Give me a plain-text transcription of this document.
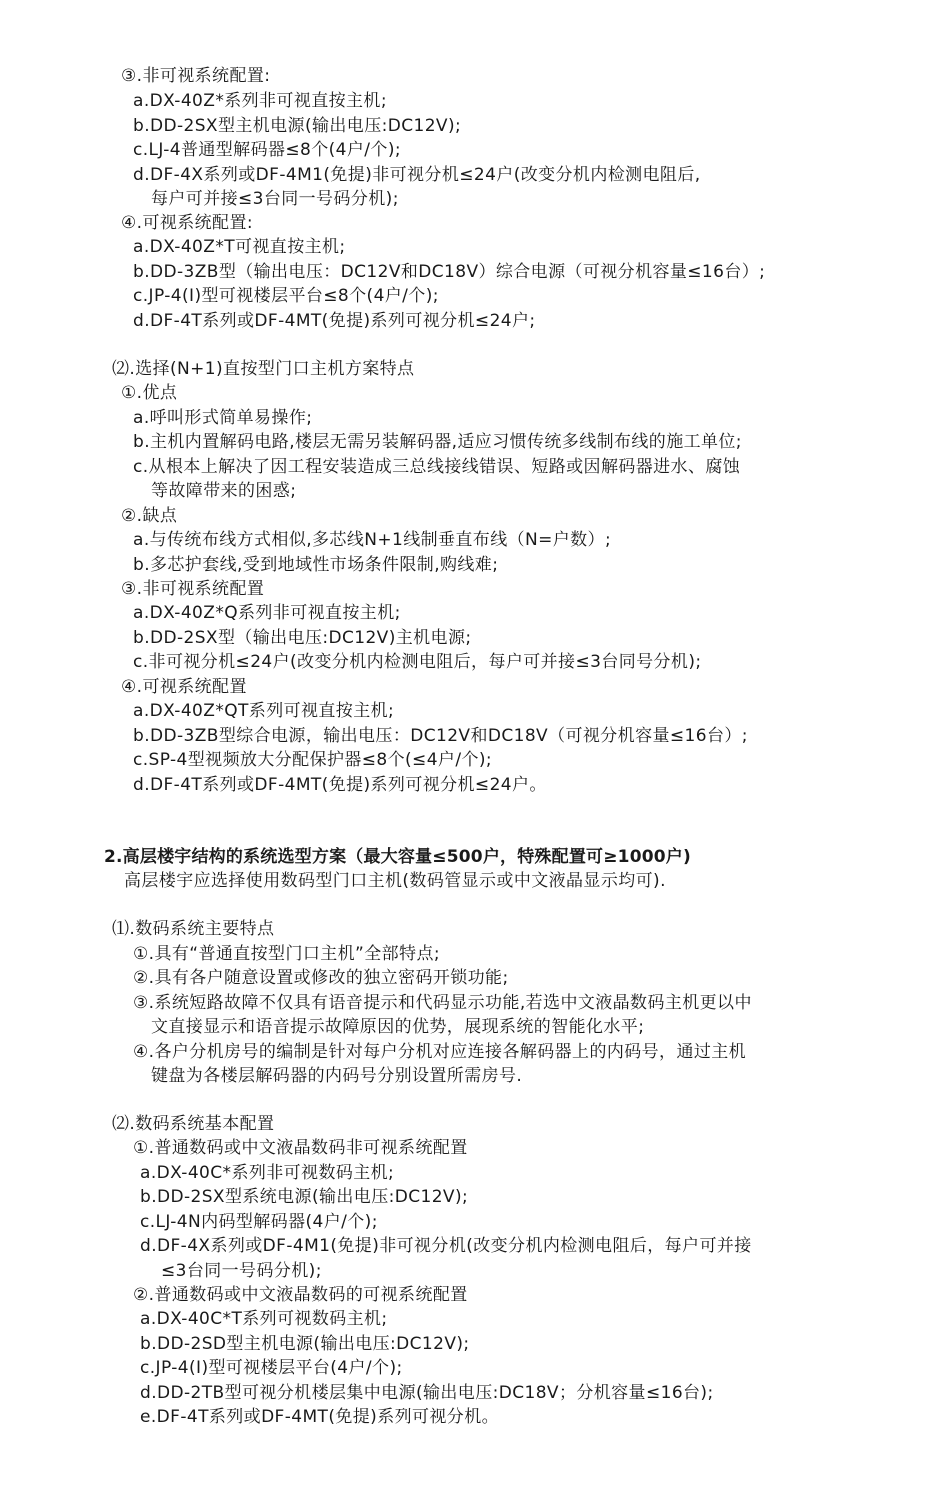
③.非可视系统配置:
a.DX-40Z*系列非可视直按主机;
b.DD-2SX型主机电源(输出电压:DC12V);
c.LJ-4普通型解码器≤8个(4户/个);
d.DF-4X系列或DF-4M1(免提)非可视分机≤24户(改变分机内检测电阻后,
每户可并接≤3台同一号码分机);
④.可视系统配置:
a.DX-40Z*T可视直按主机;
b.DD-3ZB型（输出电压：DC12V和DC18V）综合电源（可视分机容量≤16台）;
c.JP-4(Ⅰ)型可视楼层平台≤8个(4户/个);
d.DF-4T系列或DF-4MT(免提)系列可视分机≤24户;
⑵.选择(N+1)直按型门口主机方案特点
①.优点
a.呼叫形式简单易操作;
b.主机内置解码电路,楼层无需另装解码器,适应习惯传统多线制布线的施工单位;
c.从根本上解决了因工程安装造成三总线接线错误、短路或因解码器进水、腐蚀
等故障带来的困惑;
②.缺点
a.与传统布线方式相似,多芯线N+1线制垂直布线（N=户数）;
b.多芯护套线,受到地域性市场条件限制,购线难;
③.非可视系统配置
a.DX-40Z*Q系列非可视直按主机;
b.DD-2SX型（输出电压:DC12V)主机电源;
c.非可视分机≤24户(改变分机内检测电阻后，每户可并接≤3台同号分机);
④.可视系统配置
a.DX-40Z*QT系列可视直按主机;
b.DD-3ZB型综合电源，输出电压：DC12V和DC18V（可视分机容量≤16台）;
c.SP-4型视频放大分配保护器≤8个(≤4户/个);
d.DF-4T系列或DF-4MT(免提)系列可视分机≤24户。
2.高层楼宇结构的系统选型方案（最大容量≤500户，特殊配置可≥1000户)
高层楼宇应选择使用数码型门口主机(数码管显示或中文液晶显示均可).
⑴.数码系统主要特点
①.具有“普通直按型门口主机”全部特点;
②.具有各户随意设置或修改的独立密码开锁功能;
③.系统短路故障不仅具有语音提示和代码显示功能,若选中文液晶数码主机更以中
文直接显示和语音提示故障原因的优势，展现系统的智能化水平;
④.各户分机房号的编制是针对每户分机对应连接各解码器上的内码号，通过主机
键盘为各楼层解码器的内码号分别设置所需房号.
⑵.数码系统基本配置
①.普通数码或中文液晶数码非可视系统配置
a.DX-40C*系列非可视数码主机;
b.DD-2SX型系统电源(输出电压:DC12V);
c.LJ-4N内码型解码器(4户/个);
d.DF-4X系列或DF-4M1(免提)非可视分机(改变分机内检测电阻后，每户可并接
≤3台同一号码分机);
②.普通数码或中文液晶数码的可视系统配置
a.DX-40C*T系列可视数码主机;
b.DD-2SD型主机电源(输出电压:DC12V);
c.JP-4(Ⅰ)型可视楼层平台(4户/个);
d.DD-2TB型可视分机楼层集中电源(输出电压:DC18V；分机容量≤16台);
e.DF-4T系列或DF-4MT(免提)系列可视分机。
